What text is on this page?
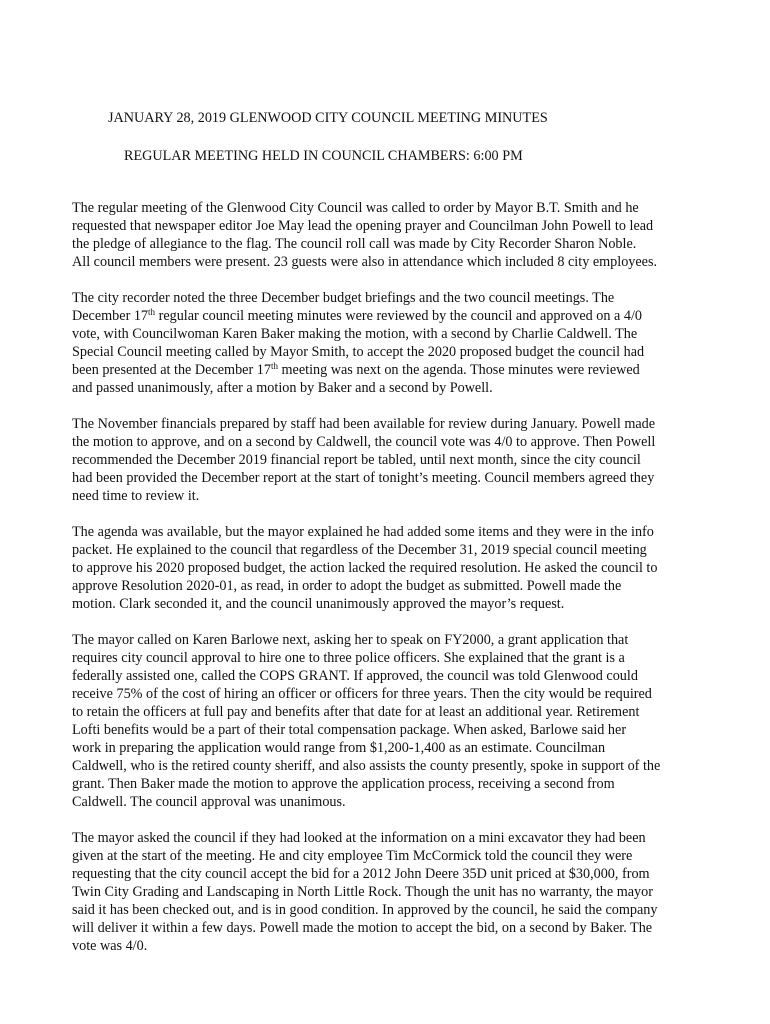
JANUARY 28, 2019 GLENWOOD CITY COUNCIL MEETING MINUTES
REGULAR MEETING HELD IN COUNCIL CHAMBERS: 6:00 PM

The regular meeting of the Glenwood City Council was called to order by Mayor B.T. Smith and he
requested that newspaper editor Joe May lead the opening prayer and Councilman John Powell to lead
the pledge of allegiance to the flag. The council roll call was made by City Recorder Sharon Noble.
All council members were present. 23 guests were also in attendance which included 8 city employees.

The city recorder noted the three December budget briefings and the two council meetings. The
December 17th regular council meeting minutes were reviewed by the council and approved on a 4/0
vote, with Councilwoman Karen Baker making the motion, with a second by Charlie Caldwell. The
Special Council meeting called by Mayor Smith, to accept the 2020 proposed budget the council had
been presented at the December 17th meeting was next on the agenda. Those minutes were reviewed
and passed unanimously, after a motion by Baker and a second by Powell.

The November financials prepared by staff had been available for review during January. Powell made
the motion to approve, and on a second by Caldwell, the council vote was 4/0 to approve. Then Powell
recommended the December 2019 financial report be tabled, until next month, since the city council
had been provided the December report at the start of tonight’s meeting. Council members agreed they
need time to review it.

The agenda was available, but the mayor explained he had added some items and they were in the info
packet. He explained to the council that regardless of the December 31, 2019 special council meeting
to approve his 2020 proposed budget, the action lacked the required resolution. He asked the council to
approve Resolution 2020-01, as read, in order to adopt the budget as submitted. Powell made the
motion. Clark seconded it, and the council unanimously approved the mayor’s request.

The mayor called on Karen Barlowe next, asking her to speak on FY2000, a grant application that
requires city council approval to hire one to three police officers. She explained that the grant is a
federally assisted one, called the COPS GRANT. If approved, the council was told Glenwood could
receive 75% of the cost of hiring an officer or officers for three years. Then the city would be required
to retain the officers at full pay and benefits after that date for at least an additional year. Retirement
Lofti benefits would be a part of their total compensation package. When asked, Barlowe said her
work in preparing the application would range from $1,200-1,400 as an estimate. Councilman
Caldwell, who is the retired county sheriff, and also assists the county presently, spoke in support of the
grant. Then Baker made the motion to approve the application process, receiving a second from
Caldwell. The council approval was unanimous.

The mayor asked the council if they had looked at the information on a mini excavator they had been
given at the start of the meeting. He and city employee Tim McCormick told the council they were
requesting that the city council accept the bid for a 2012 John Deere 35D unit priced at $30,000, from
Twin City Grading and Landscaping in North Little Rock. Though the unit has no warranty, the mayor
said it has been checked out, and is in good condition. In approved by the council, he said the company
will deliver it within a few days. Powell made the motion to accept the bid, on a second by Baker. The
vote was 4/0.
